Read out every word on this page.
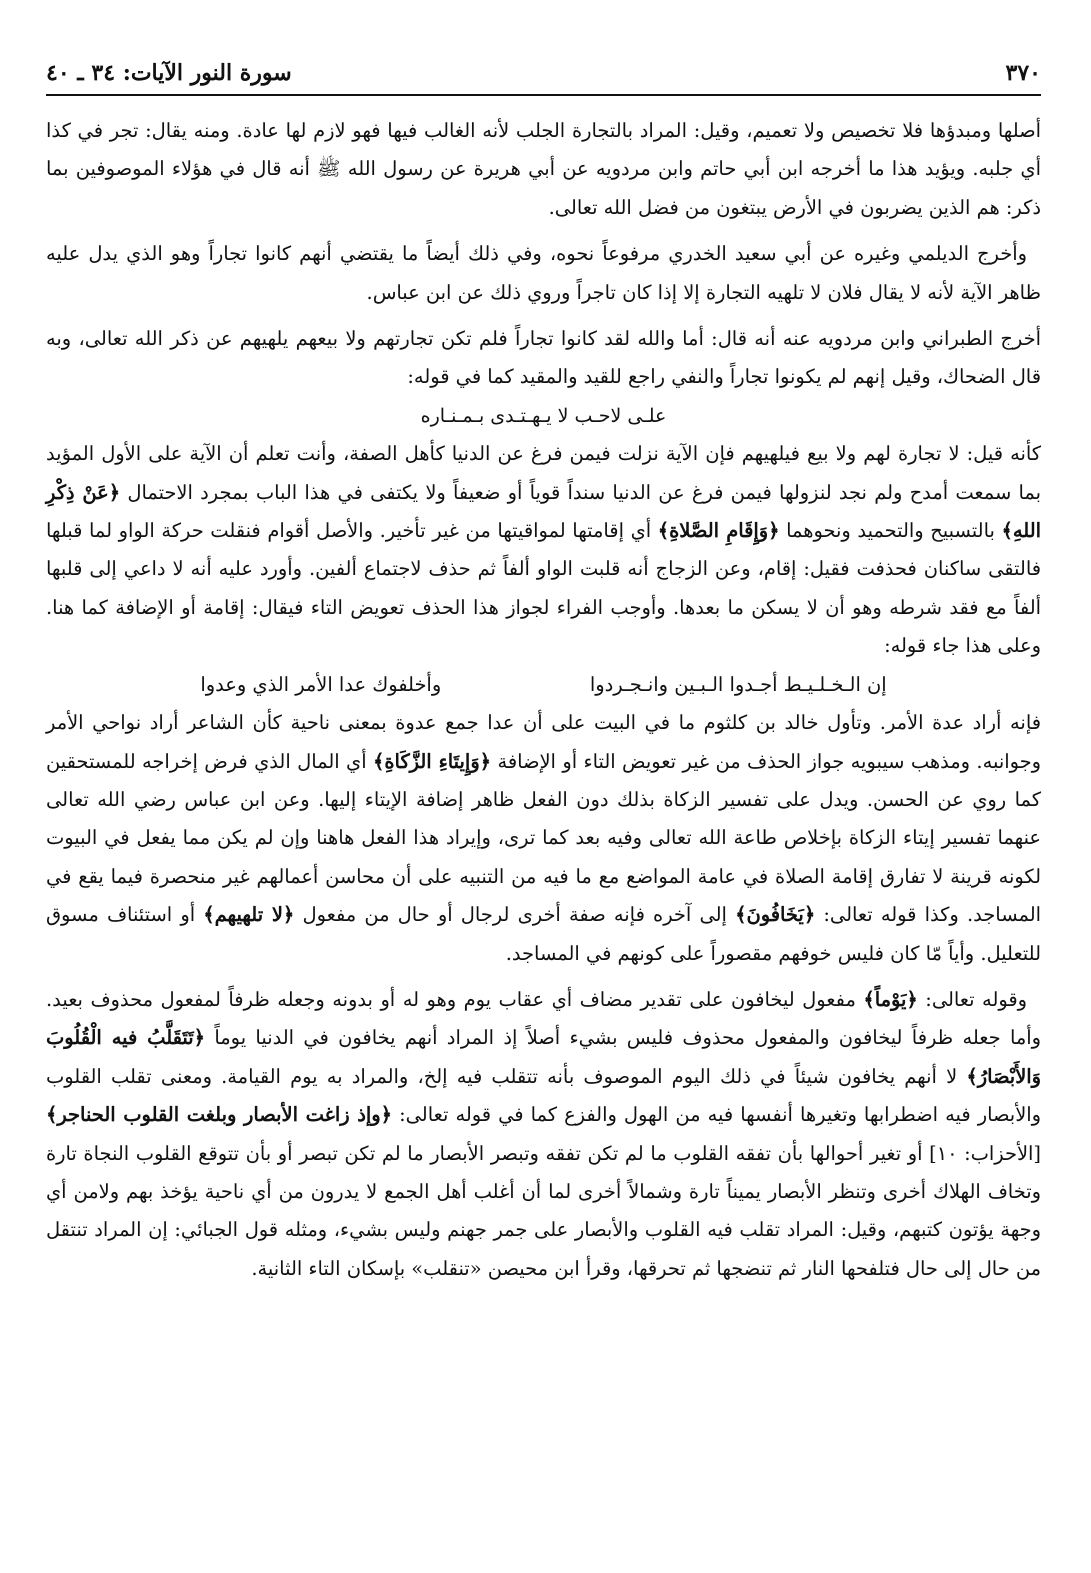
٣٧٠
سورة النور الآيات: ٣٤ ـ ٤٠

أصلها ومبدؤها فلا تخصيص ولا تعميم، وقيل: المراد بالتجارة الجلب لأنه الغالب فيها فهو لازم لها عادة. ومنه يقال: تجر في كذا أي جلبه. ويؤيد هذا ما أخرجه ابن أبي حاتم وابن مردويه عن أبي هريرة عن رسول الله ﷺ أنه قال في هؤلاء الموصوفين بما ذكر: هم الذين يضربون في الأرض يبتغون من فضل الله تعالى.

وأخرج الديلمي وغيره عن أبي سعيد الخدري مرفوعاً نحوه، وفي ذلك أيضاً ما يقتضي أنهم كانوا تجاراً وهو الذي يدل عليه ظاهر الآية لأنه لا يقال فلان لا تلهيه التجارة إلا إذا كان تاجراً وروي ذلك عن ابن عباس.

أخرج الطبراني وابن مردويه عنه أنه قال: أما والله لقد كانوا تجاراً فلم تكن تجارتهم ولا بيعهم يلهيهم عن ذكر الله تعالى، وبه قال الضحاك، وقيل إنهم لم يكونوا تجاراً والنفي راجع للقيد والمقيد كما في قوله:

علـى لاحـب لا يـهـتـدى بـمـنـاره

كأنه قيل: لا تجارة لهم ولا بيع فيلهيهم فإن الآية نزلت فيمن فرغ عن الدنيا كأهل الصفة، وأنت تعلم أن الآية على الأول المؤيد بما سمعت أمدح ولم نجد لنزولها فيمن فرغ عن الدنيا سنداً قوياً أو ضعيفاً ولا يكتفى في هذا الباب بمجرد الاحتمال ﴿عَنْ ذِكْرِ اللهِ﴾ بالتسبيح والتحميد ونحوهما ﴿وَإِقَامِ الصَّلاةِ﴾ أي إقامتها لمواقيتها من غير تأخير. والأصل أقوام فنقلت حركة الواو لما قبلها فالتقى ساكنان فحذفت فقيل: إقام، وعن الزجاج أنه قلبت الواو ألفاً ثم حذف لاجتماع ألفين. وأورد عليه أنه لا داعي إلى قلبها ألفاً مع فقد شرطه وهو أن لا يسكن ما بعدها. وأوجب الفراء لجواز هذا الحذف تعويض التاء فيقال: إقامة أو الإضافة كما هنا. وعلى هذا جاء قوله:

إن الـخـلـيـط أجـدوا الـبـين وانـجـردوا
وأخلفوك عدا الأمر الذي وعدوا

فإنه أراد عدة الأمر. وتأول خالد بن كلثوم ما في البيت على أن عدا جمع عدوة بمعنى ناحية كأن الشاعر أراد نواحي الأمر وجوانبه. ومذهب سيبويه جواز الحذف من غير تعويض التاء أو الإضافة ﴿وَإِيتَاءِ الزَّكَاةِ﴾ أي المال الذي فرض إخراجه للمستحقين كما روي عن الحسن. ويدل على تفسير الزكاة بذلك دون الفعل ظاهر إضافة الإيتاء إليها. وعن ابن عباس رضي الله تعالى عنهما تفسير إيتاء الزكاة بإخلاص طاعة الله تعالى وفيه بعد كما ترى، وإيراد هذا الفعل هاهنا وإن لم يكن مما يفعل في البيوت لكونه قرينة لا تفارق إقامة الصلاة في عامة المواضع مع ما فيه من التنبيه على أن محاسن أعمالهم غير منحصرة فيما يقع في المساجد. وكذا قوله تعالى: ﴿يَخَافُونَ﴾ إلى آخره فإنه صفة أخرى لرجال أو حال من مفعول ﴿لا تلهيهم﴾ أو استئناف مسوق للتعليل. وأياً مّا كان فليس خوفهم مقصوراً على كونهم في المساجد.

وقوله تعالى: ﴿يَوْماً﴾ مفعول ليخافون على تقدير مضاف أي عقاب يوم وهو له أو بدونه وجعله ظرفاً لمفعول محذوف بعيد. وأما جعله ظرفاً ليخافون والمفعول محذوف فليس بشيء أصلاً إذ المراد أنهم يخافون في الدنيا يوماً ﴿تَتَقَلَّبُ فيه الْقُلُوبَ وَالأَبْصَارُ﴾ لا أنهم يخافون شيئاً في ذلك اليوم الموصوف بأنه تتقلب فيه إلخ، والمراد به يوم القيامة. ومعنى تقلب القلوب والأبصار فيه اضطرابها وتغيرها أنفسها فيه من الهول والفزع كما في قوله تعالى: ﴿وإذ زاغت الأبصار وبلغت القلوب الحناجر﴾ [الأحزاب: ١٠] أو تغير أحوالها بأن تفقه القلوب ما لم تكن تفقه وتبصر الأبصار ما لم تكن تبصر أو بأن تتوقع القلوب النجاة تارة وتخاف الهلاك أخرى وتنظر الأبصار يميناً تارة وشمالاً أخرى لما أن أغلب أهل الجمع لا يدرون من أي ناحية يؤخذ بهم ولامن أي وجهة يؤتون كتبهم، وقيل: المراد تقلب فيه القلوب والأبصار على جمر جهنم وليس بشيء، ومثله قول الجبائي: إن المراد تنتقل من حال إلى حال فتلفحها النار ثم تنضجها ثم تحرقها، وقرأ ابن محيصن «تنقلب» بإسكان التاء الثانية.
